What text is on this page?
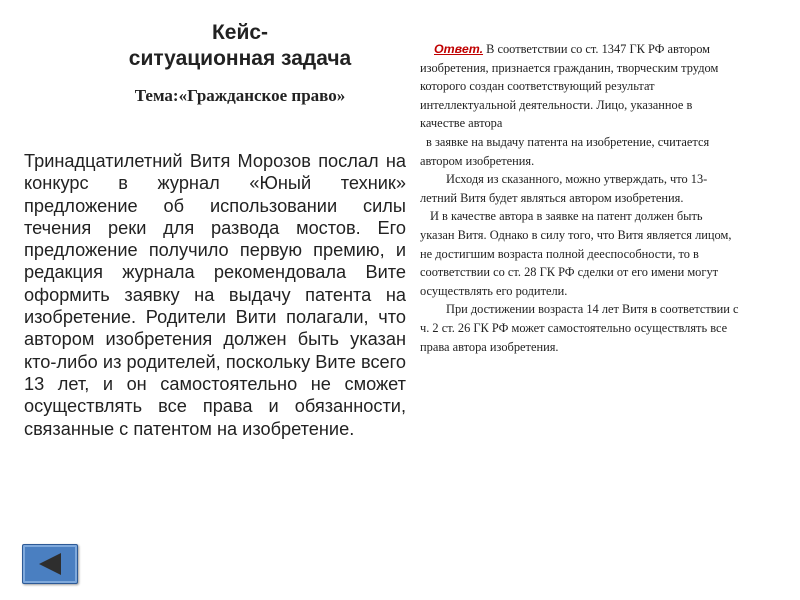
Кейс-
ситуационная задача
Тема:«Гражданское право»
Тринадцатилетний Витя Морозов послал на конкурс в журнал «Юный техник» предложение об использовании силы течения реки для развода мостов. Его предложение получило первую премию, и редакция журнала рекомендовала Вите оформить заявку на выдачу патента на изобретение. Родители Вити полагали, что автором изобретения должен быть указан кто-либо из родителей, поскольку Вите всего 13 лет, и он самостоятельно не сможет осуществлять все права и обязанности, связанные с патентом на изобретение.

Ответ. В соответствии со ст. 1347 ГК РФ автором изобретения, признается гражданин, творческим трудом которого создан соответствующий результат интеллектуальной деятельности. Лицо, указанное в качестве автора

в заявке на выдачу патента на изобретение, считается автором изобретения.

Исходя из сказанного, можно утверждать, что 13-летний Витя будет являться автором изобретения.

И в качестве автора в заявке на патент должен быть указан Витя. Однако в силу того, что Витя является лицом, не достигшим возраста полной дееспособности, то в соответствии со ст. 28 ГК РФ сделки от его имени могут осуществлять его родители.

При достижении возраста 14 лет Витя в соответствии с ч. 2 ст. 26 ГК РФ может самостоятельно осуществлять все права автора изобретения.
